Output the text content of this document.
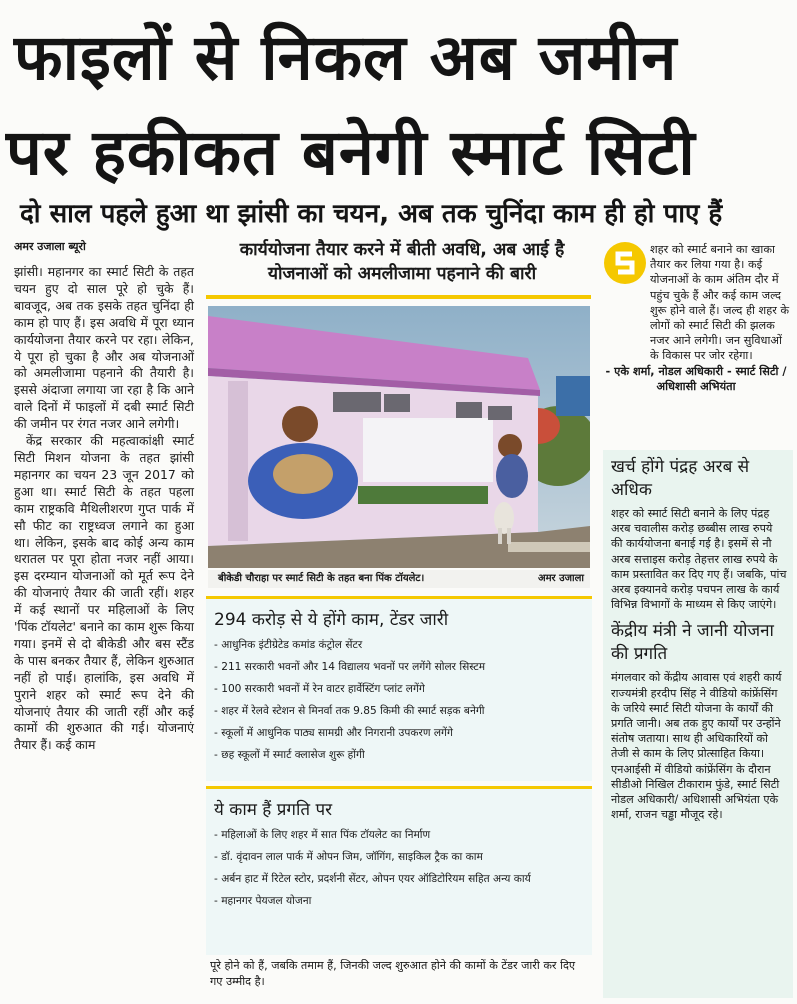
फाइलों से निकल अब जमीन
पर हकीकत बनेगी स्मार्ट सिटी
दो साल पहले हुआ था झांसी का चयन, अब तक चुनिंदा काम ही हो पाए हैं
अमर उजाला ब्यूरो

झांसी। महानगर का स्मार्ट सिटी के तहत चयन हुए दो साल पूरे हो चुके हैं। बावजूद, अब तक इसके तहत चुनिंदा ही काम हो पाए हैं। इस अवधि में पूरा ध्यान कार्ययोजना तैयार करने पर रहा। लेकिन, ये पूरा हो चुका है और अब योजनाओं को अमलीजामा पहनाने की तैयारी है। इससे अंदाजा लगाया जा रहा है कि आने वाले दिनों में फाइलों में दबी स्मार्ट सिटी की जमीन पर रंगत नजर आने लगेगी।

केंद्र सरकार की महत्वाकांक्षी स्मार्ट सिटी मिशन योजना के तहत झांसी महानगर का चयन 23 जून 2017 को हुआ था। स्मार्ट सिटी के तहत पहला काम राष्ट्रकवि मैथिलीशरण गुप्त पार्क में सौ फीट का राष्ट्रध्वज लगाने का हुआ था। लेकिन, इसके बाद कोई अन्य काम धरातल पर पूरा होता नजर नहीं आया। इस दरम्यान योजनाओं को मूर्त रूप देने की योजनाएं तैयार की जाती रहीं। शहर में कई स्थानों पर महिलाओं के लिए 'पिंक टॉयलेट' बनाने का काम शुरू किया गया। इनमें से दो बीकेडी और बस स्टैंड के पास बनकर तैयार हैं, लेकिन शुरुआत नहीं हो पाई। हालांकि, इस अवधि में पुराने शहर को स्मार्ट रूप देने की योजनाएं तैयार की जाती रहीं और कई कामों की शुरुआत की गई। योजनाएं तैयार हैं। कई काम

कार्ययोजना तैयार करने में बीती अवधि, अब आई है योजनाओं को अमलीजामा पहनाने की बारी
बीकेडी चौराहा पर स्मार्ट सिटी के तहत बना पिंक टॉयलेट।	अमर उजाला
294 करोड़ से ये होंगे काम, टेंडर जारी
- आधुनिक इंटीग्रेटेड कमांड कंट्रोल सेंटर
- 211 सरकारी भवनों और 14 विद्यालय भवनों पर लगेंगे सोलर सिस्टम
- 100 सरकारी भवनों में रेन वाटर हार्वेस्टिंग प्लांट लगेंगे
- शहर में रेलवे स्टेशन से मिनर्वा तक 9.85 किमी की स्मार्ट सड़क बनेगी
- स्कूलों में आधुनिक पाठ्य सामग्री और निगरानी उपकरण लगेंगे
- छह स्कूलों में स्मार्ट क्लासेज शुरू होंगी
ये काम हैं प्रगति पर
- महिलाओं के लिए शहर में सात पिंक टॉयलेट का निर्माण
- डॉ. वृंदावन लाल पार्क में ओपन जिम, जॉगिंग, साइकिल ट्रैक का काम
- अर्बन हाट में रिटेल स्टोर, प्रदर्शनी सेंटर, ओपन एयर ऑडिटोरियम सहित अन्य कार्य
- महानगर पेयजल योजना
पूरे होने को हैं, जबकि तमाम हैं, जिनकी जल्द शुरुआत होने की कामों के टेंडर जारी कर दिए गए उम्मीद है।
शहर को स्मार्ट बनाने का खाका तैयार कर लिया गया है। कई योजनाओं के काम अंतिम दौर में पहुंच चुके हैं और कई काम जल्द शुरू होने वाले हैं। जल्द ही शहर के लोगों को स्मार्ट सिटी की झलक नजर आने लगेगी। जन सुविधाओं के विकास पर जोर रहेगा।
- एके शर्मा, नोडल अधिकारी - स्मार्ट सिटी /अधिशासी अभियंता
खर्च होंगे पंद्रह अरब से अधिक
शहर को स्मार्ट सिटी बनाने के लिए पंद्रह अरब चवालीस करोड़ छब्बीस लाख रुपये की कार्ययोजना बनाई गई है। इसमें से नौ अरब सत्ताइस करोड़ तेहत्तर लाख रुपये के काम प्रस्तावित कर दिए गए हैं। जबकि, पांच अरब इक्यानवे करोड़ पचपन लाख के कार्य विभिन्न विभागों के माध्यम से किए जाएंगे।
केंद्रीय मंत्री ने जानी योजना की प्रगति
मंगलवार को केंद्रीय आवास एवं शहरी कार्य राज्यमंत्री हरदीप सिंह ने वीडियो कांफ्रेंसिंग के जरिये स्मार्ट सिटी योजना के कार्यों की प्रगति जानी। अब तक हुए कार्यों पर उन्होंने संतोष जताया। साथ ही अधिकारियों को तेजी से काम के लिए प्रोत्साहित किया। एनआईसी में वीडियो कांफ्रेंसिंग के दौरान सीडीओ निखिल टीकाराम फुंडे, स्मार्ट सिटी नोडल अधिकारी/ अधिशासी अभियंता एके शर्मा, राजन चड्ढा मौजूद रहे।
